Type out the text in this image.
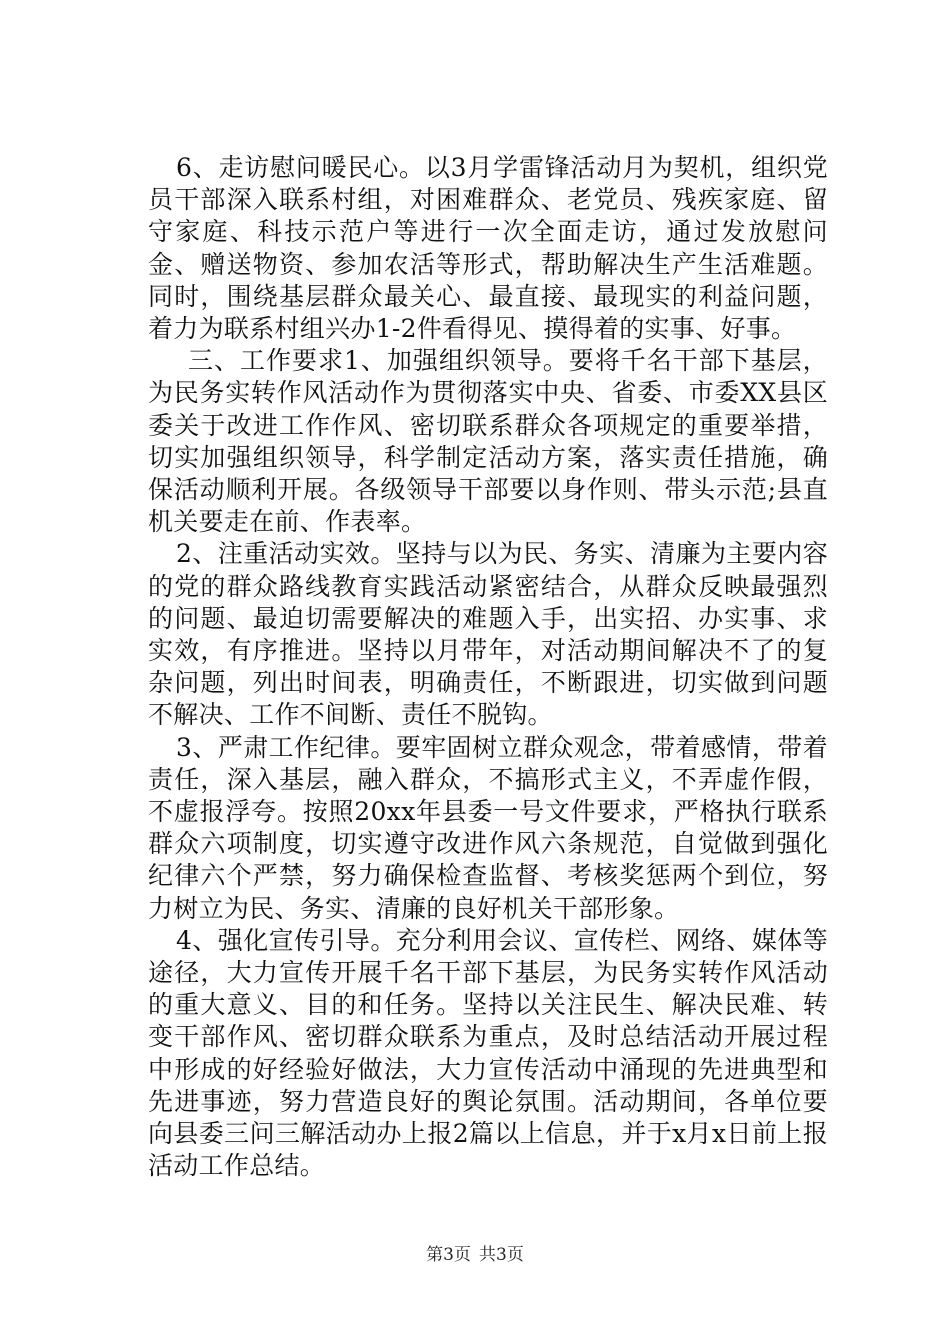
6、走访慰问暖民心。以3月学雷锋活动月为契机，组织党员干部深入联系村组，对困难群众、老党员、残疾家庭、留守家庭、科技示范户等进行一次全面走访，通过发放慰问金、赠送物资、参加农活等形式，帮助解决生产生活难题。同时，围绕基层群众最关心、最直接、最现实的利益问题，着力为联系村组兴办1-2件看得见、摸得着的实事、好事。

三、工作要求1、加强组织领导。要将千名干部下基层，为民务实转作风活动作为贯彻落实中央、省委、市委XX县区委关于改进工作作风、密切联系群众各项规定的重要举措，切实加强组织领导，科学制定活动方案，落实责任措施，确保活动顺利开展。各级领导干部要以身作则、带头示范;县直机关要走在前、作表率。

2、注重活动实效。坚持与以为民、务实、清廉为主要内容的党的群众路线教育实践活动紧密结合，从群众反映最强烈的问题、最迫切需要解决的难题入手，出实招、办实事、求实效，有序推进。坚持以月带年，对活动期间解决不了的复杂问题，列出时间表，明确责任，不断跟进，切实做到问题不解决、工作不间断、责任不脱钩。

3、严肃工作纪律。要牢固树立群众观念，带着感情，带着责任，深入基层，融入群众，不搞形式主义，不弄虚作假，不虚报浮夸。按照20xx年县委一号文件要求，严格执行联系群众六项制度，切实遵守改进作风六条规范，自觉做到强化纪律六个严禁，努力确保检查监督、考核奖惩两个到位，努力树立为民、务实、清廉的良好机关干部形象。

4、强化宣传引导。充分利用会议、宣传栏、网络、媒体等途径，大力宣传开展千名干部下基层，为民务实转作风活动的重大意义、目的和任务。坚持以关注民生、解决民难、转变干部作风、密切群众联系为重点，及时总结活动开展过程中形成的好经验好做法，大力宣传活动中涌现的先进典型和先进事迹，努力营造良好的舆论氛围。活动期间，各单位要向县委三问三解活动办上报2篇以上信息，并于x月x日前上报活动工作总结。

第3页 共3页
